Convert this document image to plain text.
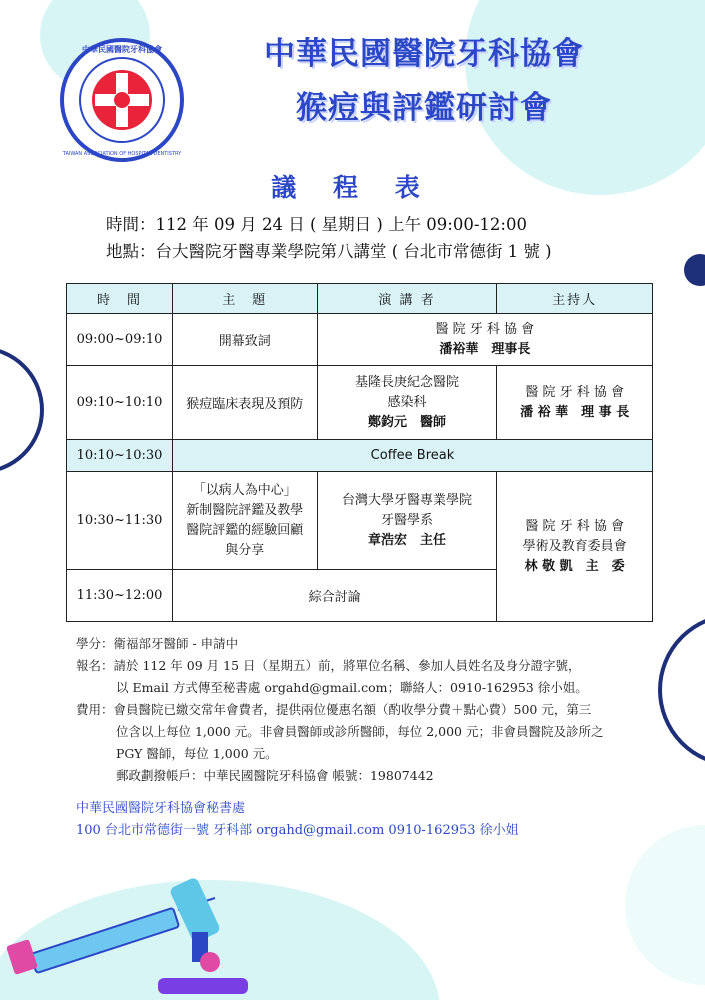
中華民國醫院牙科協會
TAIWAN ASSOCIATION OF HOSPITAL DENTISTRY
中華民國醫院牙科協會
猴痘與評鑑研討會
議 程 表
時間：112 年 09 月 24 日 ( 星期日 ) 上午 09:00-12:00
地點：台大醫院牙醫專業學院第八講堂 ( 台北市常德街 1 號 )
時　間	主　題	演 講 者	主持人
09:00~09:10	開幕致詞	醫 院 牙 科 協 會
潘裕華　理事長	

09:10~10:10	猴痘臨床表現及預防	基隆長庚紀念醫院
感染科
鄭鈞元　醫師	醫 院 牙 科 協 會
潘 裕 華　理 事 長

10:10~10:30	Coffee Break		
10:30~11:30	「以病人為中心」
新制醫院評鑑及教學
醫院評鑑的經驗回顧
與分享	台灣大學牙醫專業學院
牙醫學系
章浩宏　主任	醫 院 牙 科 協 會
學術及教育委員會
林 敬 凱　主　委

11:30~12:00	綜合討論		
學分：衛福部牙醫師 - 申請中
報名：請於 112 年 09 月 15 日（星期五）前，將單位名稱、參加人員姓名及身分證字號，
以 Email 方式傳至秘書處 orgahd@gmail.com；聯絡人：0910-162953 徐小姐。
費用：會員醫院已繳交常年會費者，提供兩位優惠名額（酌收學分費＋點心費）500 元，第三
位含以上每位 1,000 元。非會員醫師或診所醫師，每位 2,000 元；非會員醫院及診所之
PGY 醫師，每位 1,000 元。
郵政劃撥帳戶：中華民國醫院牙科協會 帳號：19807442
中華民國醫院牙科協會秘書處
100 台北市常德街一號 牙科部 orgahd@gmail.com 0910-162953 徐小姐
